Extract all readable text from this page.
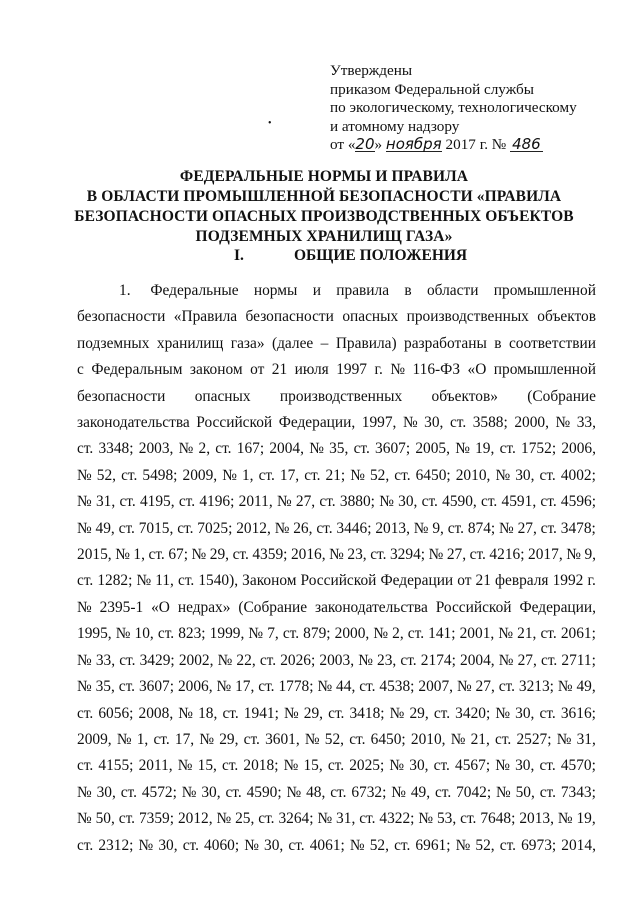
Утверждены
приказом Федеральной службы
по экологическому, технологическому
и атомному надзору
от «20» ноября 2017 г. № 486
•
ФЕДЕРАЛЬНЫЕ НОРМЫ И ПРАВИЛА
В ОБЛАСТИ ПРОМЫШЛЕННОЙ БЕЗОПАСНОСТИ «ПРАВИЛА
БЕЗОПАСНОСТИ ОПАСНЫХ ПРОИЗВОДСТВЕННЫХ ОБЪЕКТОВ
ПОДЗЕМНЫХ ХРАНИЛИЩ ГАЗА»
I.	ОБЩИЕ ПОЛОЖЕНИЯ
1. Федеральные нормы и правила в области промышленной
безопасности «Правила безопасности опасных производственных объектов
подземных хранилищ газа» (далее – Правила) разработаны в соответствии
с Федеральным законом от 21 июля 1997 г. № 116-ФЗ «О промышленной
безопасности опасных производственных объектов» (Собрание
законодательства Российской Федерации, 1997, № 30, ст. 3588; 2000, № 33,
ст. 3348; 2003, № 2, ст. 167; 2004, № 35, ст. 3607; 2005, № 19, ст. 1752; 2006,
№ 52, ст. 5498; 2009, № 1, ст. 17, ст. 21; № 52, ст. 6450; 2010, № 30, ст. 4002;
№ 31, ст. 4195, ст. 4196; 2011, № 27, ст. 3880; № 30, ст. 4590, ст. 4591, ст. 4596;
№ 49, ст. 7015, ст. 7025; 2012, № 26, ст. 3446; 2013, № 9, ст. 874; № 27, ст. 3478;
2015, № 1, ст. 67; № 29, ст. 4359; 2016, № 23, ст. 3294; № 27, ст. 4216; 2017, № 9,
ст. 1282; № 11, ст. 1540), Законом Российской Федерации от 21 февраля 1992 г.
№ 2395-1 «О недрах» (Собрание законодательства Российской Федерации,
1995, № 10, ст. 823; 1999, № 7, ст. 879; 2000, № 2, ст. 141; 2001, № 21, ст. 2061;
№ 33, ст. 3429; 2002, № 22, ст. 2026; 2003, № 23, ст. 2174; 2004, № 27, ст. 2711;
№ 35, ст. 3607; 2006, № 17, ст. 1778; № 44, ст. 4538; 2007, № 27, ст. 3213; № 49,
ст. 6056; 2008, № 18, ст. 1941; № 29, ст. 3418; № 29, ст. 3420; № 30, ст. 3616;
2009, № 1, ст. 17, № 29, ст. 3601, № 52, ст. 6450; 2010, № 21, ст. 2527; № 31,
ст. 4155; 2011, № 15, ст. 2018; № 15, ст. 2025; № 30, ст. 4567; № 30, ст. 4570;
№ 30, ст. 4572; № 30, ст. 4590; № 48, ст. 6732; № 49, ст. 7042; № 50, ст. 7343;
№ 50, ст. 7359; 2012, № 25, ст. 3264; № 31, ст. 4322; № 53, ст. 7648; 2013, № 19,
ст. 2312; № 30, ст. 4060; № 30, ст. 4061; № 52, ст. 6961; № 52, ст. 6973; 2014,
